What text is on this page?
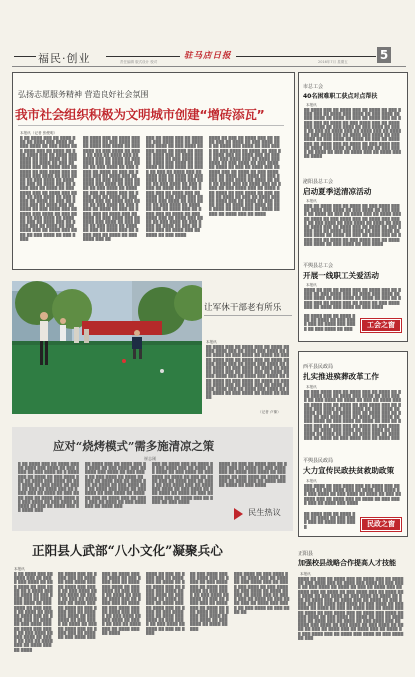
福民·创业	驻马店日报
责任编辑 版式设计 校对	2016年7月 星期五	5
弘扬志愿服务精神 营造良好社会氛围
我市社会组织积极为文明城市创建“增砖添瓦”
本报讯（记者 张俊明）
█ ██ ████ ███ ██ ████ ███ ██ ████ ███ ████ ██ ███ ████ ██ ███ ████ ██ █ ████ ███ ██ ████ ██ ███ ████ ███ ██ ████ ███ ████ ██ ███ ████ ██ ███ ████ ██ ████ ██ ███ ██ ████ ███ ██ ████ ███ ██ ████ ██ ███ ████ ███ ██ ████ ███ ████ ██ ███ ████ ██ ███ ████ ██ ████ ██ ███ ██ ████ ███ ██ ████ ███ ██ ████ ██ ███ ████ ███ ██ ████ ███ ████ ██ ███ ████ ██ ███ ████ ██ ████ ██ ███ ██ ████ ███ ██ ████ ███ ██ ████ ██ ███ ████ ███ ██ ████ ███ ████ ██ ███ ████ ██ ███ ████ ██ ████ ██ ███ ██ ████ ███ ██ ████ ███ ██ ████ ██ ███ ████ ███ ██ ████ ███ ████ ██ ███ ████ ██ ███ ████
██ ████ ███ ██ ████ ███ ██ ████ ██ ███ ████ ███ ██ ████ ███ ████ ██ ███ ████ ██ ███ ████ ██ ████ ██ ███ ██ ████ ███ ██ ████ ███ ██ ████ ██ ███ ████ ███ ██ ████ ███ ████ ██ ███ ████ ██ ███ ████ ██ ████ ██ ███ ██ ████ ███ ██ ████ ███ ██ ████ ██ ███ ████ ███ ██ ████ ███ ████ ██ ███ ████ ██ ███ ████ ██ ████ ██ ███ ██ ████ ███ ██ ████ ███ ██ ████ ██ ███ ████ ███ ██ ████ ███ ████ ██ ███ ████ ██ ███ ████ ██ ████ ██ ███ ██ ████ ███ ██ ████ ███ ██ ████ ██ ███ ████ ███ ██ ████ ███ ████ ██ ███ ████ ██ ███ ████ ██ ████ ██ ███ ██ ████ ███ ██ ████ ███ ██ ████ ██ ███ ████ ███ ██
███ ██ ████ ███ ██ ████ ██ ███ ████ ███ ██ ████ ███ ████ ██ ███ ████ ██ ███ ████ ██ ████ ██ ███ ██ ████ ███ ██ ████ ███ ██ ████ ██ ███ ████ ███ ██ ████ ███ ████ ██ ███ ████ ██ ███ ████ ██ ████ ██ ███ ██ ████ ███ ██ ████ ███ ██ ████ ██ ███ ████ ███ ██ ████ ███ ████ ██ ███ ████ ██ ███ ████ ██ ████ ██ ███ ██ ████ ███ ██ ████ ███ ██ ████ ██ ███ ████ ███ ██ ████ ███ ████ ██ ███ ████ ██ ███ ████ ██ ████ ██ ███ ██ ████ ███ ██ ████ ███ ██ ████ ██ ███ ████ ███ ██ ████ ███ ████ ██ ███ ████ ██ ███ ████ ██ ████ ██ ███ ██ ████ ███ ██ ████ ███ ██ ████ ██ ███ ████
████ ██ ███ ██ ████ ███ ██ ████ ███ ██ ████ ██ ███ ████ ███ ██ ████ ███ ████ ██ ███ ████ ██ ███ ████ ██ ████ ██ ███ ██ ████ ███ ██ ████ ███ ██ ████ ██ ███ ████ ███ ██ ████ ███ ████ ██ ███ ████ ██ ███ ████ ██ ████ ██ ███ ██ ████ ███ ██ ████ ███ ██ ████ ██ ███ ████ ███ ██ ████ ███ ████ ██ ███ ████ ██ ███ ████ ██ ████ ██ ███ ██ ████ ███ ██ ████ ███ ██ ████ ██ ███ ████ ███ ██ ████ ███ ████ ██ ███ ████ ██ ███ ████ ██ ████ ██ ███ ██ ████ ███ ██ ████ ███ ██ ████ ██ ███ ████ ███ ██ ████ ███ ████ ██ ███ ████ ██ ███ ████ ██ ████ ██ ███ ██ ████ ███ ██ ████
让军休干部老有所乐
本报讯
██ ████ ███ ██ ████ ███ ██ ████ ██ ███ ████ ███ ██ ████ ███ ████ ██ ███ ████ ██ ███ ████ ██ ████ ██ ███ ██ ████ ███ ██ ████ ███ ██ ████ ██ ███ ████ ███ ██ ████ ███ ████ ██ ███ ████ ██ ███ ████ ██ ████ ██ ███ ██ ████ ███ ██ ████ ███ ██ ████ ██ ███ ████ ███ ██ ████ ███ ████ ██ ███ ████ ██ ███ ████ ██ ████ ██ ███ ██ ████ ███ ██ ████ ███ ██ ████ ██ ███ ████ ███ ██ ████ ███ ████ ██ ███ ████ ██ ███ ████ ██ ████ ██ ███ ██
（记者 卢豫）
应对“烧烤模式”需多施清凉之策
崔志刚
█ ██ ████ ███ ██ ████ ███ ██ ████ ███ ████ ██ ███ ████ ██ ███ ████ ██ █ ████ ███ ██ ████ ██ ███ ████ ███ ██ ████ ███ ████ ██ ███ ████ ██ ███ ████ ██ ████ ██ ███ ██ ████ ███ ██ ████ ███ ██ ████ ██ ███ ████ ███ ██ ████ ███ ████ ██ ███ ████ ██ ███ ████ ██ ████ ██ ███ ██ ████ ███ ██ ████ ███
██ ████ ███ ██ ████ ███ ██ ████ ██ ███ ████ ███ ██ ████ ███ ████ ██ ███ ████ ██ ███ ████ ██ ████ ██ ███ ██ ████ ███ ██ ████ ███ ██ ████ ██ ███ ████ ███ ██ ████ ███ ████ ██ ███ ████ ██ ███ ████ ██ ████ ██ ███ ██ ████ ███ ██ ████ ███ ██ ████ ██ ███ ████ ███ ██ ████ ███
███ ██ ████ ███ ██ ████ ██ ███ ████ ███ ██ ████ ███ ████ ██ ███ ████ ██ ███ ████ ██ ████ ██ ███ ██ ████ ███ ██ ████ ███ ██ ████ ██ ███ ████ ███ ██ ████ ███ ████ ██ ███ ████ ██ ███ ████ ██ ████ ██ ███ ██ ████ ███ ██ ████ ███ ██ ████ ██ ███ ████
████ ██ ███ ██ ████ ███ ██ ████ ███ ██ ████ ██ ███ ████ ███ ██ ████ ███ ████ ██ ███ ████ ██ ███ ████ ██ ████ ██ ███ ██ ████ ███ ██ ████ ███ ██ ████ ██ ███ ████
民生热议
正阳县人武部“八小文化”凝聚兵心
本报讯
█ ██ ████ ███ ██ ████ ███ ██ ████ ███ ████ ██ ███ ████ ██ ███ ████ ██ █ ████ ███ ██ ████ ██ ███ ████ ███ ██ ████ ███ ████ ██ ███ ████ ██ ███ ████ ██ ████ ██ ███ ██ ████ ███ ██ ████ ███ ██ ████ ██ ███ ████ ███ ██ ████ ███ ████ ██ ███ ████ ██ ███ ████ ██ ████ ██ ███ ██ ████ ███ ██ ████ ███ ██ ████
██ ████ ███ ██ ████ ███ ██ ████ ██ ███ ████ ███ ██ ████ ███ ████ ██ ███ ████ ██ ███ ████ ██ ████ ██ ███ ██ ████ ███ ██ ████ ███ ██ ████ ██ ███ ████ ███ ██ ████ ███ ████ ██ ███ ████ ██ ███ ████ ██ ████ ██ ███ ██ ████ ███ ██ ████ ███ ██ ████ ██ ███ ████ ███
███ ██ ████ ███ ██ ████ ██ ███ ████ ███ ██ ████ ███ ████ ██ ███ ████ ██ ███ ████ ██ ████ ██ ███ ██ ████ ███ ██ ████ ███ ██ ████ ██ ███ ████ ███ ██ ████ ███ ████ ██ ███ ████ ██ ███ ████ ██ ████ ██ ███ ██ ████ ███ ██ ████ ███ ██ ████
████ ██ ███ ██ ████ ███ ██ ████ ███ ██ ████ ██ ███ ████ ███ ██ ████ ███ ████ ██ ███ ████ ██ ███ ████ ██ ████ ██ ███ ██ ████ ███ ██ ████ ███ ██ ████ ██ ███ ████ ███ ██ ████ ███ ████ ██ ███ ████ ██ ███ ████ ██ ████ ██ ███ ██ ████
██ ███ ████ ███ ██ ████ ███ ██ ████ ██ ███ ████ ███ ██ ████ ███ ████ ██ ███ ████ ██ ███ ████ ██ ████ ██ ███ ██ ████ ███ ██ ████ ███ ██ ████ ██ ███ ████ ███ ██ ████ ███ ████ ██ ███ ████ ██ ███ ████ ██ ████ ██ ███
███ ████ ██ ███ ████ ███ ██ ████ ███ ██ ████ ██ ███ ████ ███ ██ ████ ███ ████ ██ ███ ████ ██ ███ ████ ██ ████ ██ ███ ██ ████ ███ ██ ████ ███ ██ ████ ██ ███ ████ ███ ██ ████ ███ ████ ██ ███ ████ ██ ███ ████ ██
市总工会
40名困难职工获点对点帮扶
本报讯
██ ████ ███ ██ ████ ███ ██ ████ ██ ███ ████ ███ ██ ████ ███ ████ ██ ███ ████ ██ ███ ████ ██ ████ ██ ███ ██ ████ ███ ██ ████ ███ ██ ████ ██ ███ ████ ███ ██ ████ ███ ████ ██ ███ ████ ██ ███ ████ ██ ████ ██ ███ ██ ████ ███ ██ ████ ███ ██ ████ ██ ███ ████ ███ ██ ████ ███ ████ ██ ███ ████ ██ ███ ████ ██ ████ ██ ███ ██ ████ ███ ██ ████ ███ ██ ████ ██ ███ ████ ███ ██ ████ ███ ████ ██ ███ ████ ██ ███ ████ ██ ████ ██ ███ ██ ████ ███ ██ ████ ███ ██ ████
泌阳县总工会
启动夏季送清凉活动
本报讯
███ ██ ████ ███ ██ ████ ██ ███ ████ ███ ██ ████ ███ ████ ██ ███ ████ ██ ███ ████ ██ ████ ██ ███ ██ ████ ███ ██ ████ ███ ██ ████ ██ ███ ████ ███ ██ ████ ███ ████ ██ ███ ████ ██ ███ ████ ██ ████ ██ ███ ██ ████ ███ ██ ████ ███ ██ ████ ██ ███ ████ ███ ██ ████ ███ ████ ██ ███ ████ ██ ███ ████ ██ ████ ██ ███ ██ ████ ███ ██ ████ ███ ██ ████ ██ ███ ████ ███ ██ ████ ███ ████ ██ ███ ████ ██ ███ ████
平舆县总工会
开展一线职工关爱活动
本报讯
████ ██ ███ ██ ████ ███ ██ ████ ███ ██ ████ ██ ███ ████ ███ ██ ████ ███ ████ ██ ███ ████ ██ ███ ████ ██ ████ ██ ███ ██ ████ ███ ██ ████ ███ ██ ████ ██ ███ ████ ███ ██ ████ ███ ████ ██ ███ ████
██ ████ ███ ██ ████ ███ ██ ████ ██ ███ ████ ███ ██ ████ ███ ████ ██ ███ ████ ██ ███	工会之窗
西平县民政局
扎实推进殡葬改革工作
本报讯
██ ███ ████ ███ ██ ████ ███ ██ ████ ██ ███ ████ ███ ██ ████ ███ ████ ██ ███ ████ ██ ███ ████ ██ ████ ██ ███ ██ ████ ███ ██ ████ ███ ██ ████ ██ ███ ████ ███ ██ ████ ███ ████ ██ ███ ████ ██ ███ ████ ██ ████ ██ ███ ██ ████ ███ ██ ████ ███ ██ ████ ██ ███ ████ ███ ██ ████ ███ ████ ██ ███ ████ ██ ███ ████ ██ ████ ██ ███ ██ ████ ███ ██ ████ ███ ██ ████ ██ ███ ████ ███ ██ ████ ███ ████ ██ ███ ████ ██ ███ ████ ██ ████ ██ ███ ██ ████ ███ ██ ████ ███ ██ ████ ██ ███ ████ ███ ██ ████ ███
平舆县民政局
大力宣传民政扶贫救助政策
本报讯
███ ████ ██ ███ ████ ███ ██ ████ ███ ██ ████ ██ ███ ████ ███ ██ ████ ███ ████ ██ ███ ████ ██ ███ ████ ██ ████ ██ ███ ██ ████ ███ ██ ████ ███ ██ ████ ██ ███ ████ ███ ██ ████ ███ ████
██ ████ ███ ██ ████ ███ ██ ████ ██ ███ ████ ███ ██ ████ ███ ████	民政之窗
正阳县
加强校县战略合作提高人才技能
本报讯
████ ██ ███ ██ ████ ███ ██ ████ ███ ██ ████ ██ ███ ████ ███ ██ ████ ███ ████ ██ ███ ████ ██ ███ ████ ██ ████ ██ ███ ██ ████ ███ ██ ████ ███ ██ ████ ██ ███ ████ ███ ██ ████ ███ ████ ██ ███ ████ ██ ███ ████ ██ ████ ██ ███ ██ ████ ███ ██ ████ ███ ██ ████ ██ ███ ████ ███ ██ ████ ███ ████ ██ ███ ████ ██ ███ ████ ██ ████ ██ ███ ██ ████ ███ ██ ████ ███ ██ ████ ██ ███ ████ ███ ██ ████ ███ ████ ██ ███ ████ ██ ███ ████ ██ ████ ██ ███ ██ ████ ███ ██ ████ ███ ██ ████ ██ ███ ████ ███ ██ ████ ███ ████ ██ ███ ████ ██ ███ ████ ██ ████ ██ ███ ██ ████ ███ ██ ████ ███ ██ ████ ██ ███ ████ ███ ██ ████ ███ ████ ██ ███ ████ ██ ███
